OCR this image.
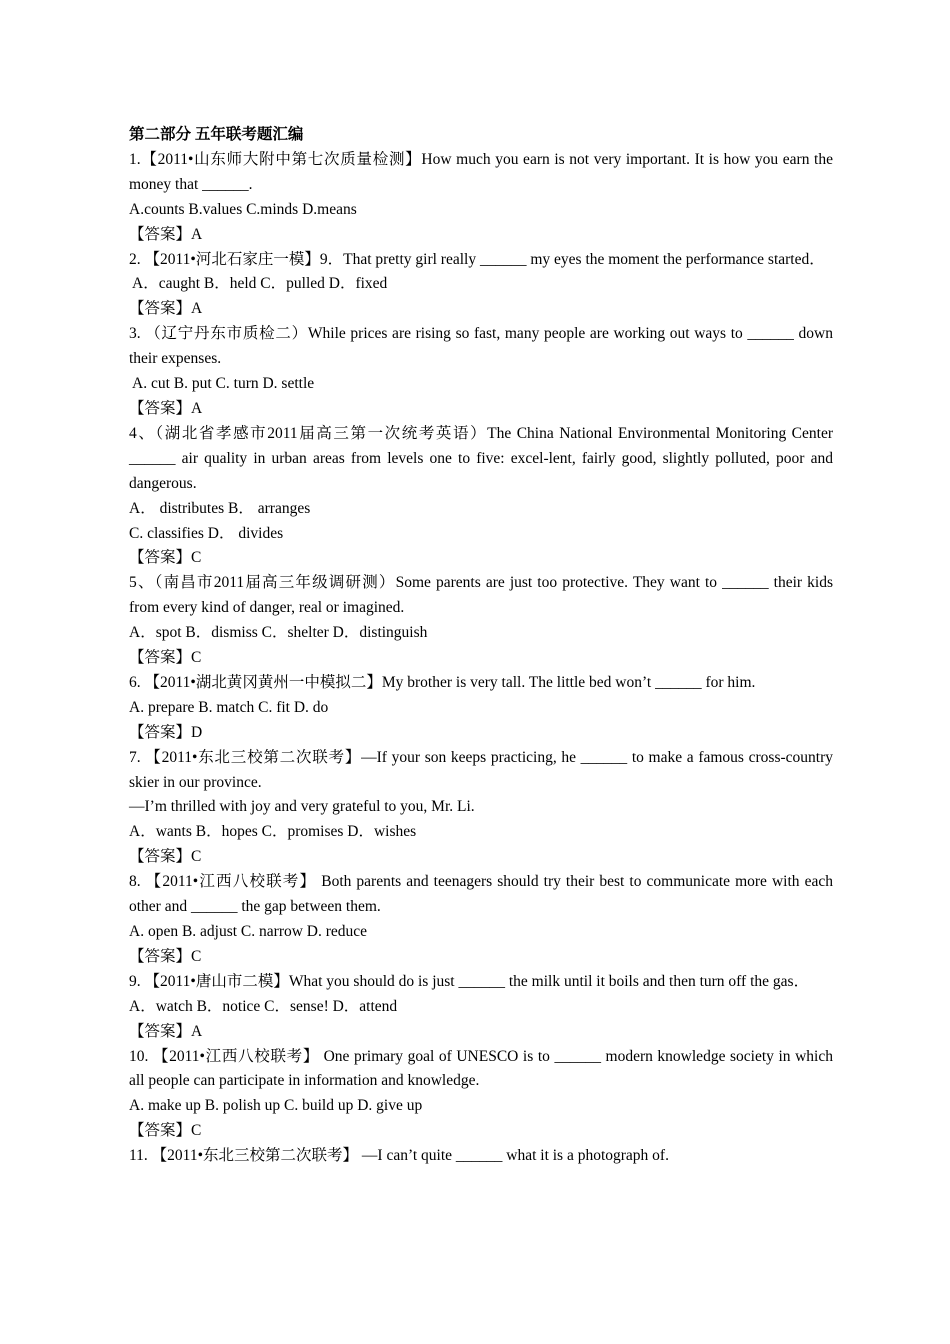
第二部分 五年联考题汇编

1.【2011•山东师大附中第七次质量检测】How much you earn is not very important. It is how you earn the money that ______.

A.counts B.values C.minds D.means

【答案】A

2. 【2011•河北石家庄一模】9．That pretty girl really ______ my eyes the moment the performance started．

A．caught B．held C．pulled D．fixed

【答案】A

3. （辽宁丹东市质检二）While prices are rising so fast, many people are working out ways to ______ down their expenses.

A. cut B. put C. turn D. settle

【答案】A

4、（湖北省孝感市2011届高三第一次统考英语）The China National Environmental Monitoring Center ______ air quality in urban areas from levels one to five: excel-lent, fairly good, slightly polluted, poor and dangerous.

A． distributes B． arranges

C. classifies D． divides

【答案】C

5、（南昌市2011届高三年级调研测）Some parents are just too protective. They want to ______ their kids from every kind of danger, real or imagined.

A．spot B．dismiss C．shelter D．distinguish

【答案】C

6. 【2011•湖北黄冈黄州一中模拟二】My brother is very tall. The little bed won’t ______ for him.

A. prepare B. match C. fit D. do

【答案】D

7. 【2011•东北三校第二次联考】—If your son keeps practicing, he ______ to make a famous cross-country skier in our province.

—I’m thrilled with joy and very grateful to you, Mr. Li.

A．wants B．hopes C．promises D．wishes

【答案】C

8. 【2011•江西八校联考】 Both parents and teenagers should try their best to communicate more with each other and ______ the gap between them.

A. open B. adjust C. narrow D. reduce

【答案】C

9. 【2011•唐山市二模】What you should do is just ______ the milk until it boils and then turn off the gas．

A．watch B．notice C．sense! D．attend

【答案】A

10. 【2011•江西八校联考】 One primary goal of UNESCO is to ______ modern knowledge society in which all people can participate in information and knowledge.

A. make up B. polish up C. build up D. give up

【答案】C

11. 【2011•东北三校第二次联考】 —I can’t quite ______ what it is a photograph of.
